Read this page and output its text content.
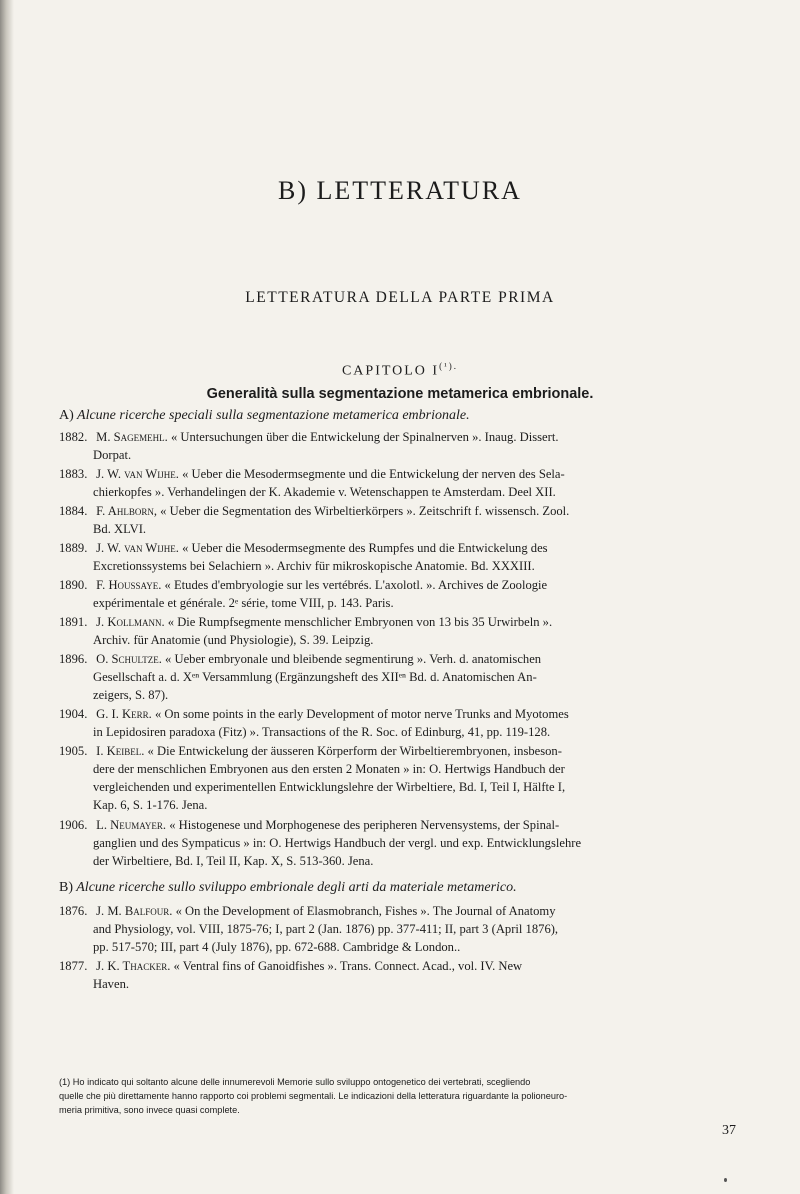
B) LETTERATURA
LETTERATURA DELLA PARTE PRIMA
CAPITOLO $I^{(^1).}$
Generalità sulla segmentazione metamerica embrionale.
A) Alcune ricerche speciali sulla segmentazione metamerica embrionale.
1882. M. Sagemehl. « Untersuchungen über die Entwickelung der Spinalnerven ». Inaug. Dissert.
Dorpat.
1883. J. W. van Wijhe. « Ueber die Mesodermsegmente und die Entwickelung der nerven des Sela-
chierkopfes ». Verhandelingen der K. Akademie v. Wetenschappen te Amsterdam. Deel XII.
1884. F. Ahlborn, « Ueber die Segmentation des Wirbeltierkörpers ». Zeitschrift f. wissensch. Zool.
Bd. XLVI.
1889. J. W. van Wijhe. « Ueber die Mesodermsegmente des Rumpfes und die Entwickelung des
Excretionssystems bei Selachiern ». Archiv für mikroskopische Anatomie. Bd. XXXIII.
1890. F. Houssaye. « Etudes d'embryologie sur les vertébrés. L'axolotl. ». Archives de Zoologie
expérimentale et générale. 2ᵉ série, tome VIII, p. 143. Paris.
1891. J. Kollmann. « Die Rumpfsegmente menschlicher Embryonen von 13 bis 35 Urwirbeln ».
Archiv. für Anatomie (und Physiologie), S. 39. Leipzig.
1896. O. Schultze. « Ueber embryonale und bleibende segmentirung ». Verh. d. anatomischen
Gesellschaft a. d. Xᵉⁿ Versammlung (Ergänzungsheft des XIIᵉⁿ Bd. d. Anatomischen An-
zeigers, S. 87).
1904. G. I. Kerr. « On some points in the early Development of motor nerve Trunks and Myotomes
in Lepidosiren paradoxa (Fitz) ». Transactions of the R. Soc. of Edinburg, 41, pp. 119-128.
1905. I. Keibel. « Die Entwickelung der äusseren Körperform der Wirbeltierembryonen, insbeson-
dere der menschlichen Embryonen aus den ersten 2 Monaten » in: O. Hertwigs Handbuch der
vergleichenden und experimentellen Entwicklungslehre der Wirbeltiere, Bd. I, Teil I, Hälfte I,
Kap. 6, S. 1-176. Jena.
1906. L. Neumayer. « Histogenese und Morphogenese des peripheren Nervensystems, der Spinal-
ganglien und des Sympaticus » in: O. Hertwigs Handbuch der vergl. und exp. Entwicklungslehre
der Wirbeltiere, Bd. I, Teil II, Kap. X, S. 513-360. Jena.
B) Alcune ricerche sullo sviluppo embrionale degli arti da materiale metamerico.
1876. J. M. Balfour. « On the Development of Elasmobranch, Fishes ». The Journal of Anatomy
and Physiology, vol. VIII, 1875-76; I, part 2 (Jan. 1876) pp. 377-411; II, part 3 (April 1876),
pp. 517-570; III, part 4 (July 1876), pp. 672-688. Cambridge & London..
1877. J. K. Thacker. « Ventral fins of Ganoidfishes ». Trans. Connect. Acad., vol. IV. New
Haven.
(1) Ho indicato qui soltanto alcune delle innumerevoli Memorie sullo sviluppo ontogenetico dei vertebrati, scegliendo
quelle che più direttamente hanno rapporto coi problemi segmentali. Le indicazioni della letteratura riguardante la polioneuro-
meria primitiva, sono invece quasi complete.
37
